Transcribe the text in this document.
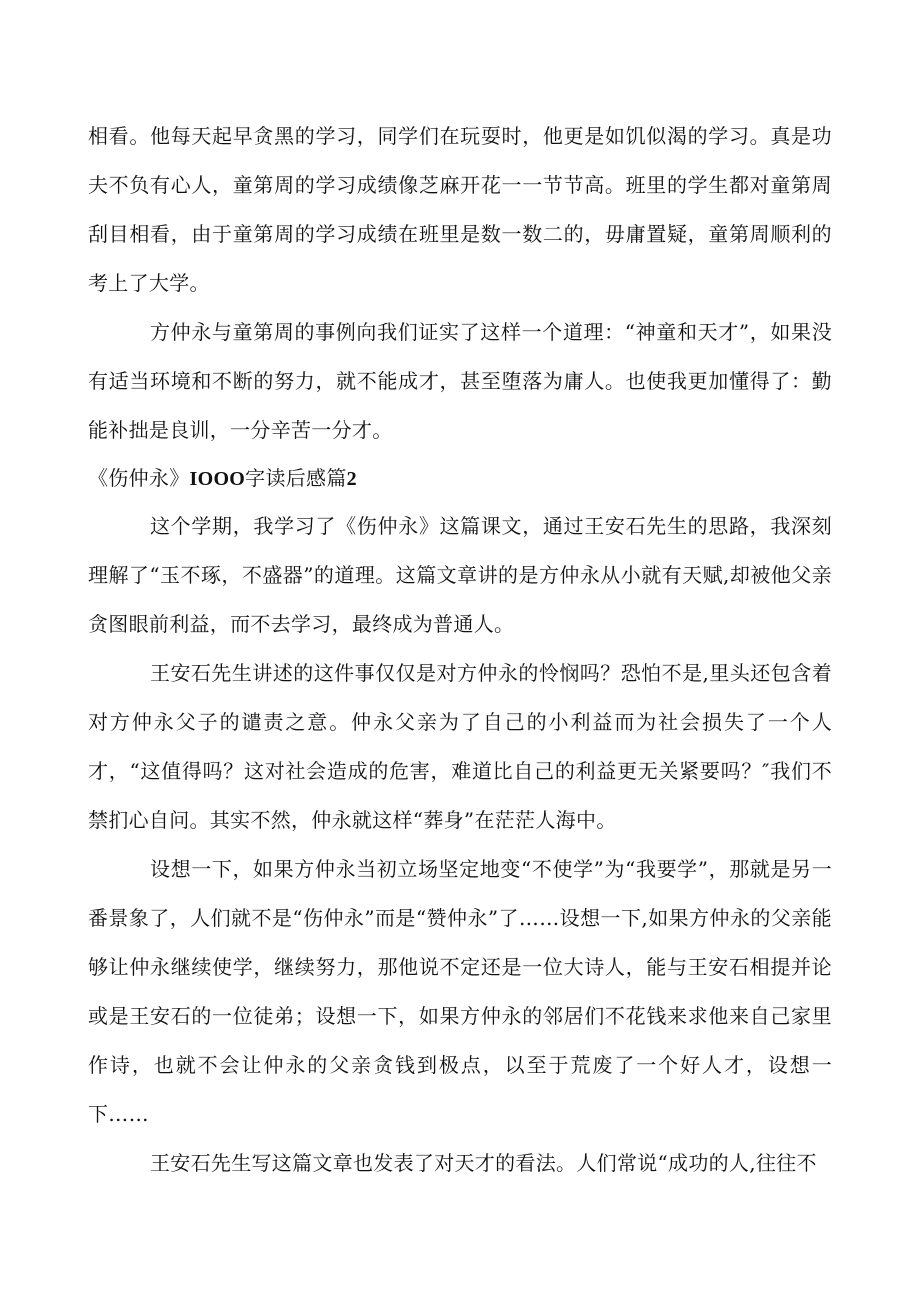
相看。他每天起早贪黑的学习，同学们在玩耍时，他更是如饥似渴的学习。真是功夫不负有心人，童第周的学习成绩像芝麻开花一一节节高。班里的学生都对童第周刮目相看，由于童第周的学习成绩在班里是数一数二的，毋庸置疑，童第周顺利的考上了大学。

方仲永与童第周的事例向我们证实了这样一个道理：“神童和天才”，如果没有适当环境和不断的努力，就不能成才，甚至堕落为庸人。也使我更加懂得了：勤能补拙是良训，一分辛苦一分才。

《伤仲永》IOOO字读后感篇2

这个学期，我学习了《伤仲永》这篇课文，通过王安石先生的思路，我深刻理解了“玉不琢，不盛器”的道理。这篇文章讲的是方仲永从小就有天赋,却被他父亲贪图眼前利益，而不去学习，最终成为普通人。

王安石先生讲述的这件事仅仅是对方仲永的怜悯吗？恐怕不是,里头还包含着对方仲永父子的谴责之意。仲永父亲为了自己的小利益而为社会损失了一个人才，“这值得吗？这对社会造成的危害，难道比自己的利益更无关紧要吗？″我们不禁扪心自问。其实不然，仲永就这样“葬身”在茫茫人海中。

设想一下，如果方仲永当初立场坚定地变“不使学”为“我要学”，那就是另一番景象了，人们就不是“伤仲永”而是“赞仲永”了……设想一下,如果方仲永的父亲能够让仲永继续使学，继续努力，那他说不定还是一位大诗人，能与王安石相提并论或是王安石的一位徒弟；设想一下，如果方仲永的邻居们不花钱来求他来自己家里作诗，也就不会让仲永的父亲贪钱到极点，以至于荒废了一个好人才，设想一下……

王安石先生写这篇文章也发表了对天才的看法。人们常说“成功的人,往往不
